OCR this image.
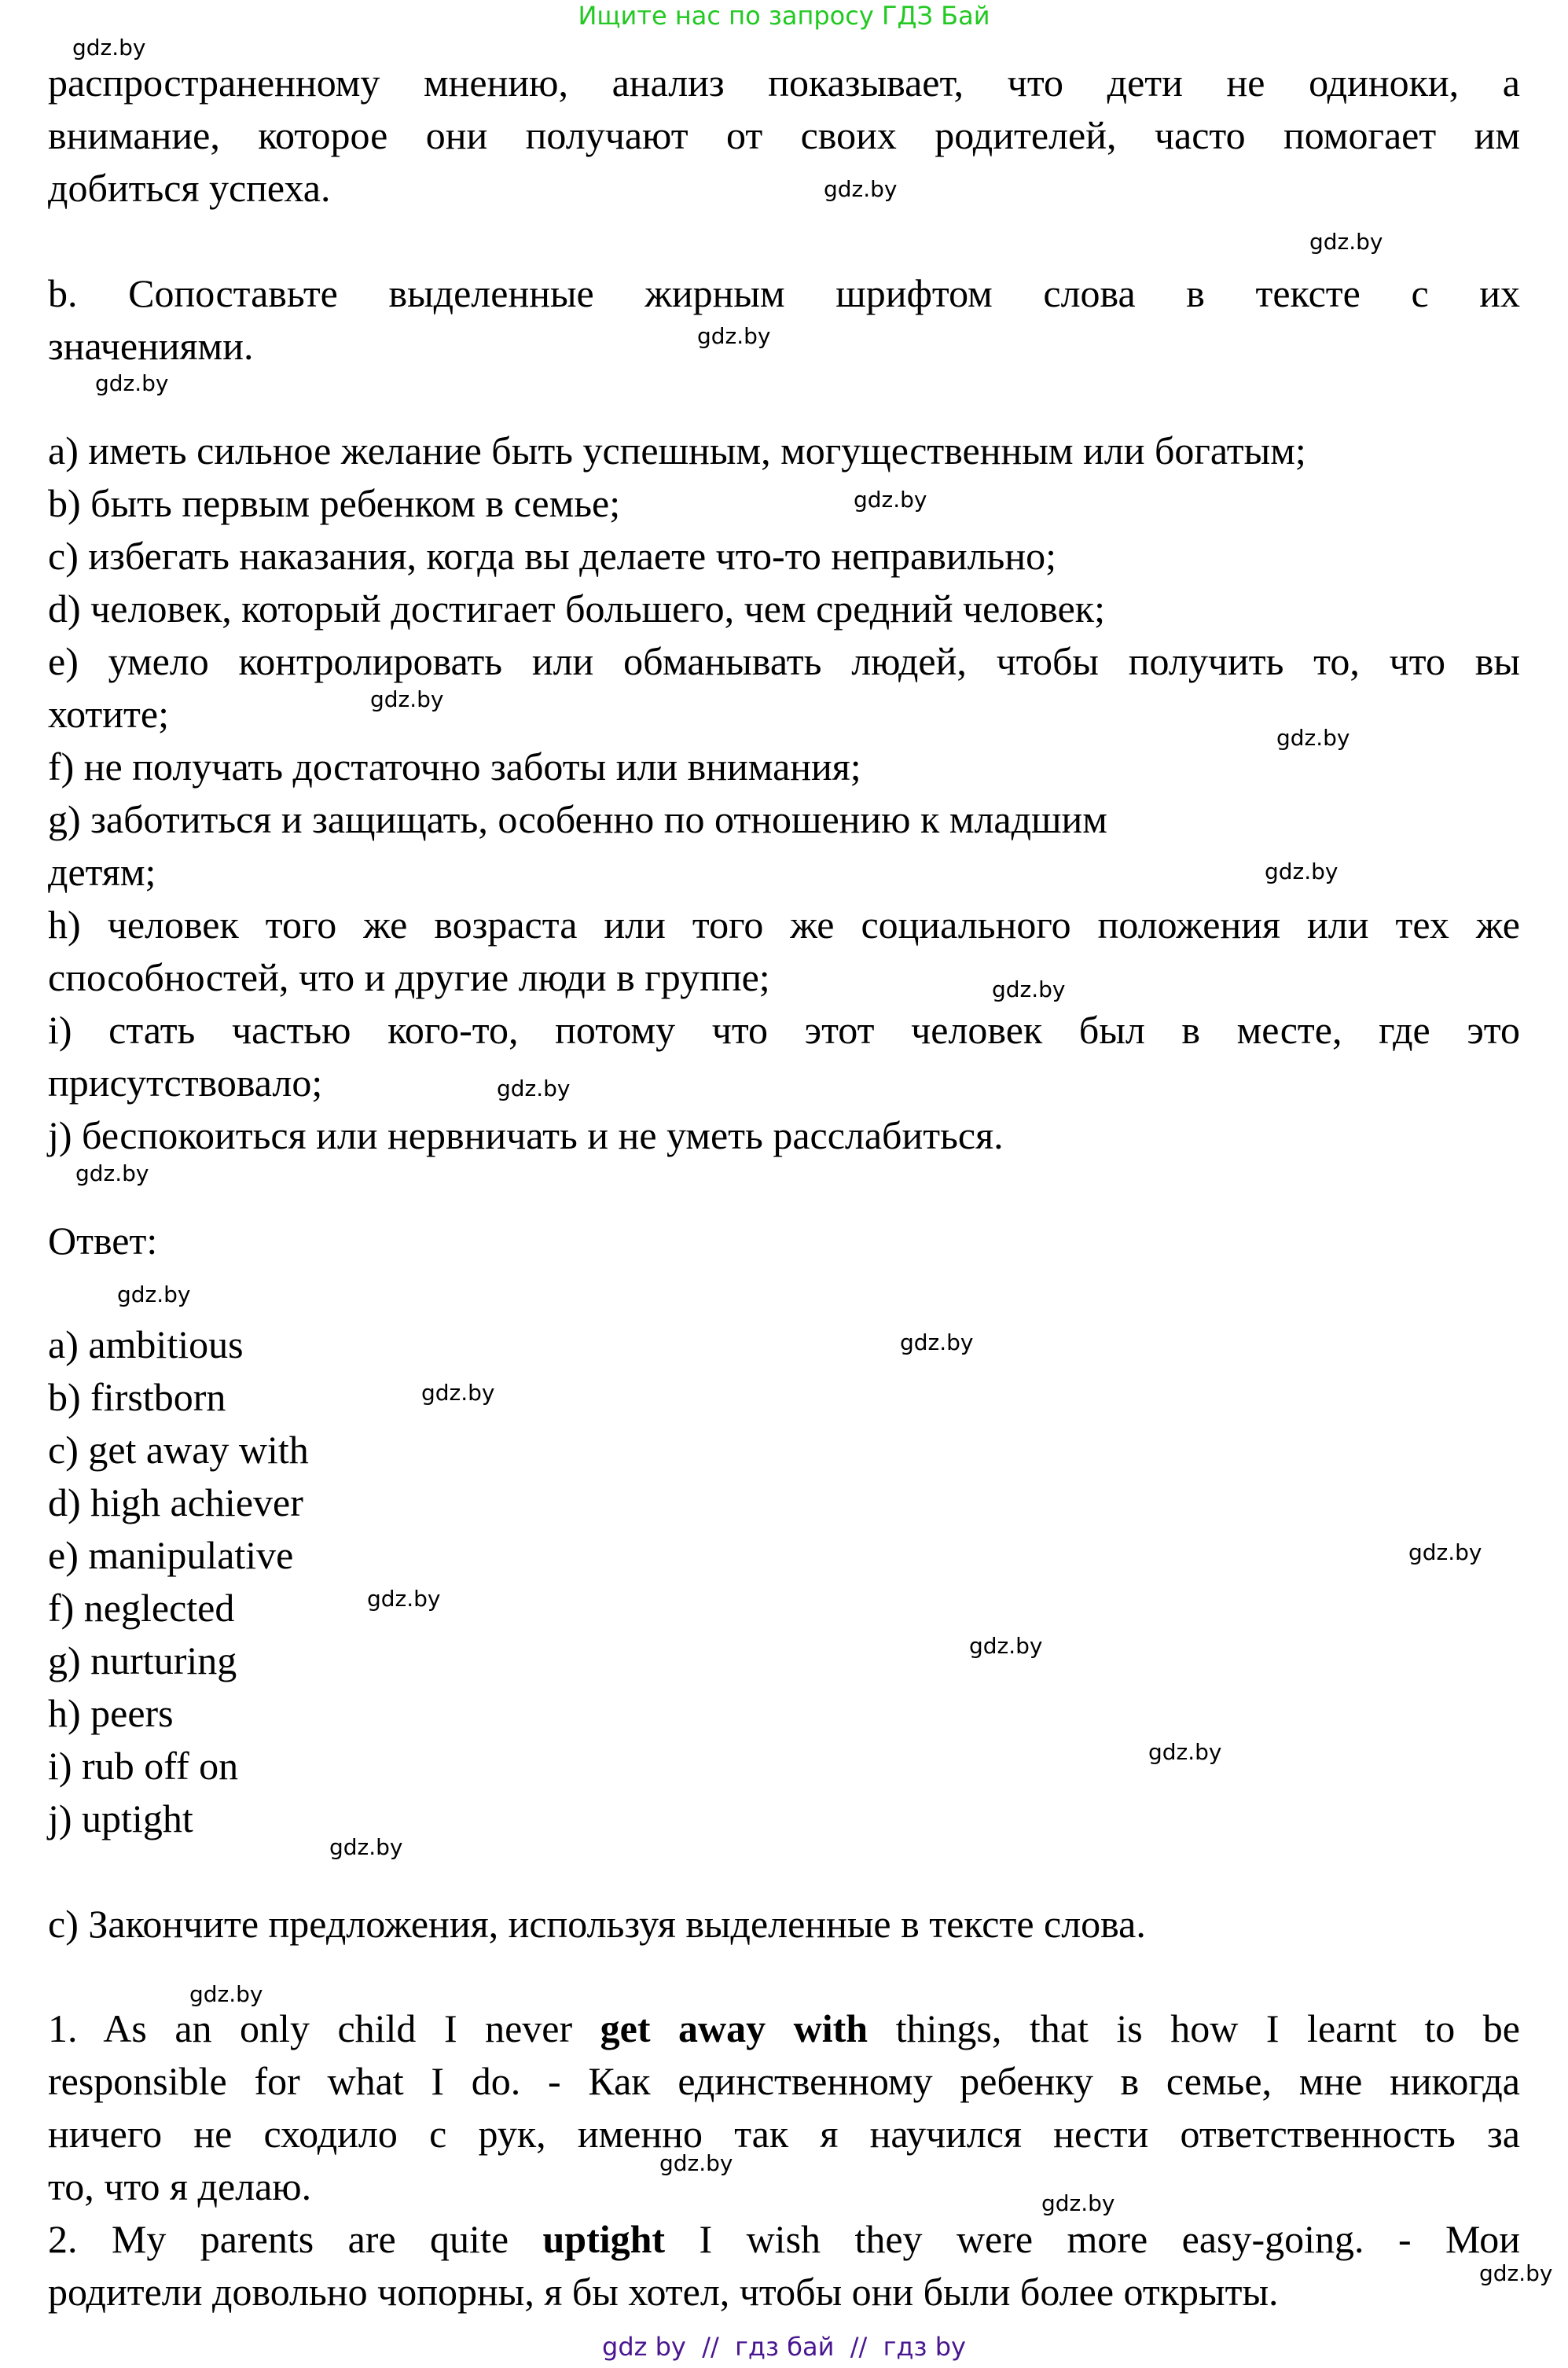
Ищите нас по запросу ГДЗ Бай
gdz.by
gdz.by
gdz.by
gdz.by
gdz.by
gdz.by
gdz.by
gdz.by
gdz.by
gdz.by
gdz.by
gdz.by
gdz.by
gdz.by
gdz.by
gdz.by
gdz.by
gdz.by
gdz.by
gdz.by
gdz.by
gdz.by
gdz.by
gdz.by
распространенному мнению, анализ показывает, что дети не одиноки, а
внимание, которое они получают от своих родителей, часто помогает им
добиться успеха.
b. Сопоставьте выделенные жирным шрифтом слова в тексте с их
значениями.
a) иметь сильное желание быть успешным, могущественным или богатым;
b) быть первым ребенком в семье;
c) избегать наказания, когда вы делаете что-то неправильно;
d) человек, который достигает большего, чем средний человек;
e) умело контролировать или обманывать людей, чтобы получить то, что вы
хотите;
f) не получать достаточно заботы или внимания;
g) заботиться и защищать, особенно по отношению к младшим
детям;
h) человек того же возраста или того же социального положения или тех же
способностей, что и другие люди в группе;
i) стать частью кого-то, потому что этот человек был в месте, где это
присутствовало;
j) беспокоиться или нервничать и не уметь расслабиться.
Ответ:
a) ambitious
b) firstborn
c) get away with
d) high achiever
e) manipulative
f) neglected
g) nurturing
h) peers
i) rub off on
j) uptight
c) Закончите предложения, используя выделенные в тексте слова.
1. As an only child I never get away with things, that is how I learnt to be
responsible for what I do. - Как единственному ребенку в семье, мне никогда
ничего не сходило с рук, именно так я научился нести ответственность за
то, что я делаю.
2. My parents are quite uptight I wish they were more easy-going. - Мои
родители довольно чопорны, я бы хотел, чтобы они были более открыты.
gdz by  //  гдз бай  //  гдз by
